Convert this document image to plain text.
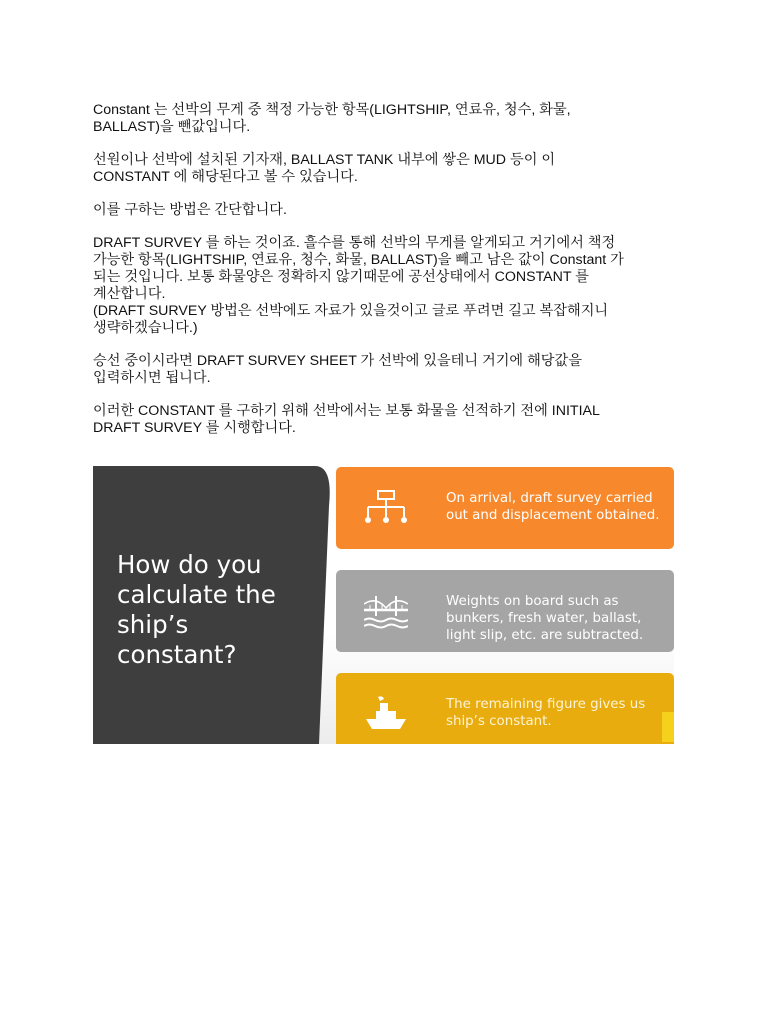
Constant 는 선박의 무게 중 책정 가능한 항목(LIGHTSHIP, 연료유, 청수, 화물,
BALLAST)을 뺀값입니다.

선원이나 선박에 설치된 기자재, BALLAST TANK 내부에 쌓은 MUD 등이 이
CONSTANT 에 해당된다고 볼 수 있습니다.

이를 구하는 방법은 간단합니다.

DRAFT SURVEY 를 하는 것이죠. 흘수를 통해 선박의 무게를 알게되고 거기에서 책정
가능한 항목(LIGHTSHIP, 연료유, 청수, 화물, BALLAST)을 빼고 남은 값이 Constant 가
되는 것입니다. 보통 화물양은 정확하지 않기때문에 공선상태에서 CONSTANT 를
계산합니다.
(DRAFT SURVEY 방법은 선박에도 자료가 있을것이고 글로 푸려면 길고 복잡해지니
생략하겠습니다.)

승선 중이시라면 DRAFT SURVEY SHEET 가 선박에 있을테니 거기에 해당값을
입력하시면 됩니다.

이러한 CONSTANT 를 구하기 위해 선박에서는 보통 화물을 선적하기 전에 INITIAL
DRAFT SURVEY 를 시행합니다.

How do you
calculate the
ship’s
constant?
On arrival, draft survey carried
out and displacement obtained.
Weights on board such as
bunkers, fresh water, ballast,
light slip, etc. are subtracted.
The remaining figure gives us
ship’s constant.
